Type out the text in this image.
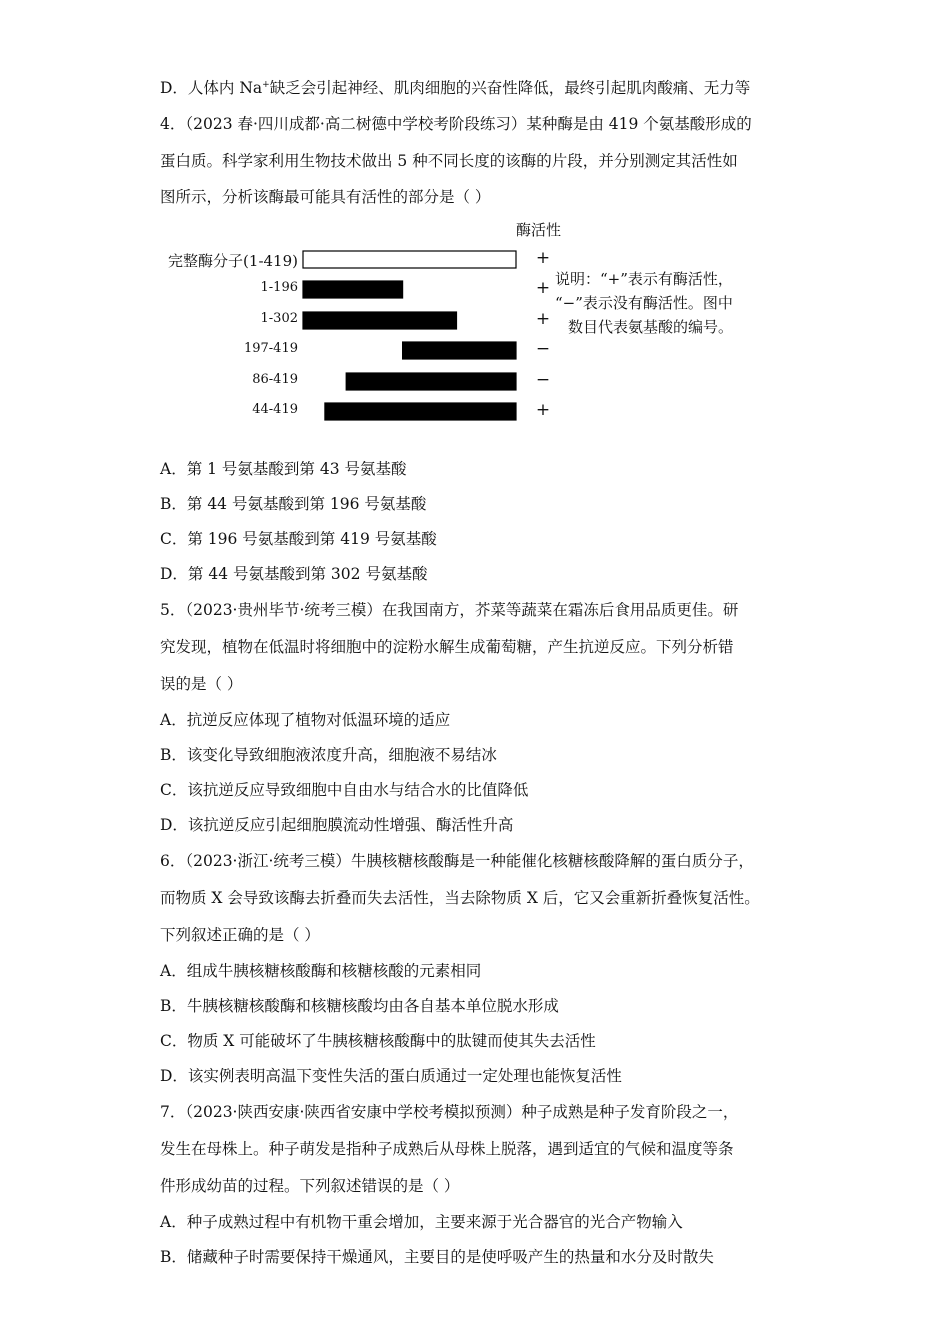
D．人体内 Na+缺乏会引起神经、肌肉细胞的兴奋性降低，最终引起肌肉酸痛、无力等
4．（2023 春·四川成都·高二树德中学校考阶段练习）某种酶是由 419 个氨基酸形成的
蛋白质。科学家利用生物技术做出 5 种不同长度的该酶的片段，并分别测定其活性如
图所示，分析该酶最可能具有活性的部分是（ ）
酶活性
完整酶分子(1-419)
1-196
1-302
197-419
86-419
44-419
+
+
+
−
−
+
说明：“+”表示有酶活性，
“−”表示没有酶活性。图中
数目代表氨基酸的编号。
A．第 1 号氨基酸到第 43 号氨基酸
B．第 44 号氨基酸到第 196 号氨基酸
C．第 196 号氨基酸到第 419 号氨基酸
D．第 44 号氨基酸到第 302 号氨基酸
5．（2023·贵州毕节·统考三模）在我国南方，芥菜等蔬菜在霜冻后食用品质更佳。研
究发现，植物在低温时将细胞中的淀粉水解生成葡萄糖，产生抗逆反应。下列分析错
误的是（ ）
A．抗逆反应体现了植物对低温环境的适应
B．该变化导致细胞液浓度升高，细胞液不易结冰
C．该抗逆反应导致细胞中自由水与结合水的比值降低
D．该抗逆反应引起细胞膜流动性增强、酶活性升高
6．（2023·浙江·统考三模）牛胰核糖核酸酶是一种能催化核糖核酸降解的蛋白质分子，
而物质 X 会导致该酶去折叠而失去活性，当去除物质 X 后，它又会重新折叠恢复活性。
下列叙述正确的是（ ）
A．组成牛胰核糖核酸酶和核糖核酸的元素相同
B．牛胰核糖核酸酶和核糖核酸均由各自基本单位脱水形成
C．物质 X 可能破坏了牛胰核糖核酸酶中的肽键而使其失去活性
D．该实例表明高温下变性失活的蛋白质通过一定处理也能恢复活性
7．（2023·陕西安康·陕西省安康中学校考模拟预测）种子成熟是种子发育阶段之一，
发生在母株上。种子萌发是指种子成熟后从母株上脱落，遇到适宜的气候和温度等条
件形成幼苗的过程。下列叙述错误的是（ ）
A．种子成熟过程中有机物干重会增加，主要来源于光合器官的光合产物输入
B．储藏种子时需要保持干燥通风，主要目的是使呼吸产生的热量和水分及时散失
